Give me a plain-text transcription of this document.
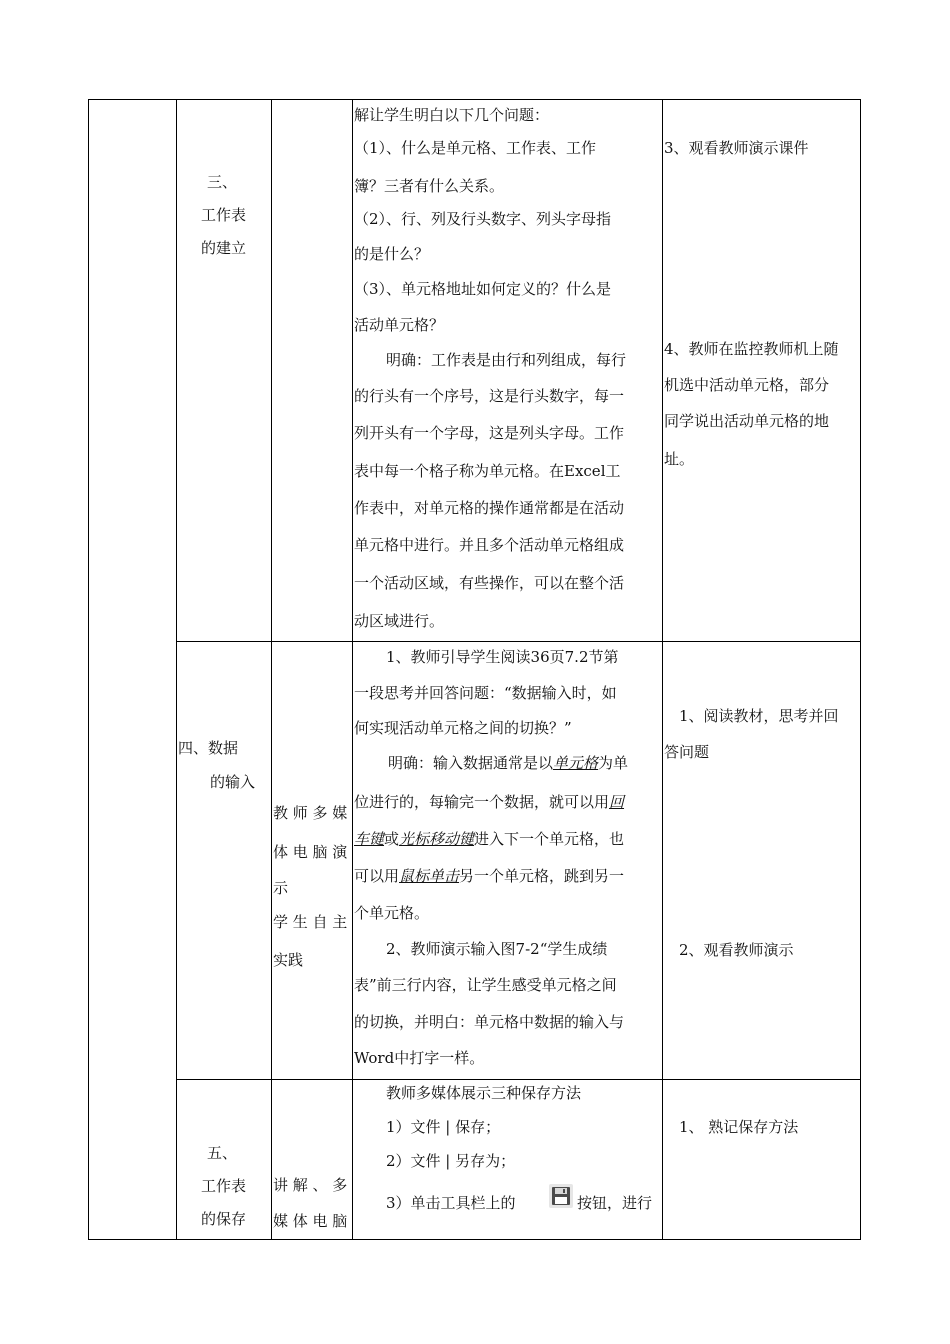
三、
工作表
的建立
解让学生明白以下几个问题：
（1）、什么是单元格、工作表、工作
簿？三者有什么关系。
（2）、行、列及行头数字、列头字母指
的是什么？
（3）、单元格地址如何定义的？什么是
活动单元格？
明确：工作表是由行和列组成，每行
的行头有一个序号，这是行头数字，每一
列开头有一个字母，这是列头字母。工作
表中每一个格子称为单元格。在Excel工
作表中，对单元格的操作通常都是在活动
单元格中进行。并且多个活动单元格组成
一个活动区域，有些操作，可以在整个活
动区域进行。
3、观看教师演示课件
4、教师在监控教师机上随
机选中活动单元格，部分
同学说出活动单元格的地
址。
四、数据
的输入
教 师 多 媒
体 电 脑 演
示
学 生 自 主
实践
1、教师引导学生阅读36页7.2节第
一段思考并回答问题：“数据输入时，如
何实现活动单元格之间的切换？”
明确：输入数据通常是以单元格为单
位进行的，每输完一个数据，就可以用回
车键或光标移动键进入下一个单元格，也
可以用鼠标单击另一个单元格，跳到另一
个单元格。
2、教师演示输入图7-2“学生成绩
表”前三行内容，让学生感受单元格之间
的切换，并明白：单元格中数据的输入与
Word中打字一样。
1、阅读教材，思考并回
答问题
2、观看教师演示
五、
工作表
的保存
讲 解 、 多
媒 体 电 脑
教师多媒体展示三种保存方法
1）文件 | 保存；
2）文件 | 另存为；
3）单击工具栏上的	按钮，进行
1、 熟记保存方法
